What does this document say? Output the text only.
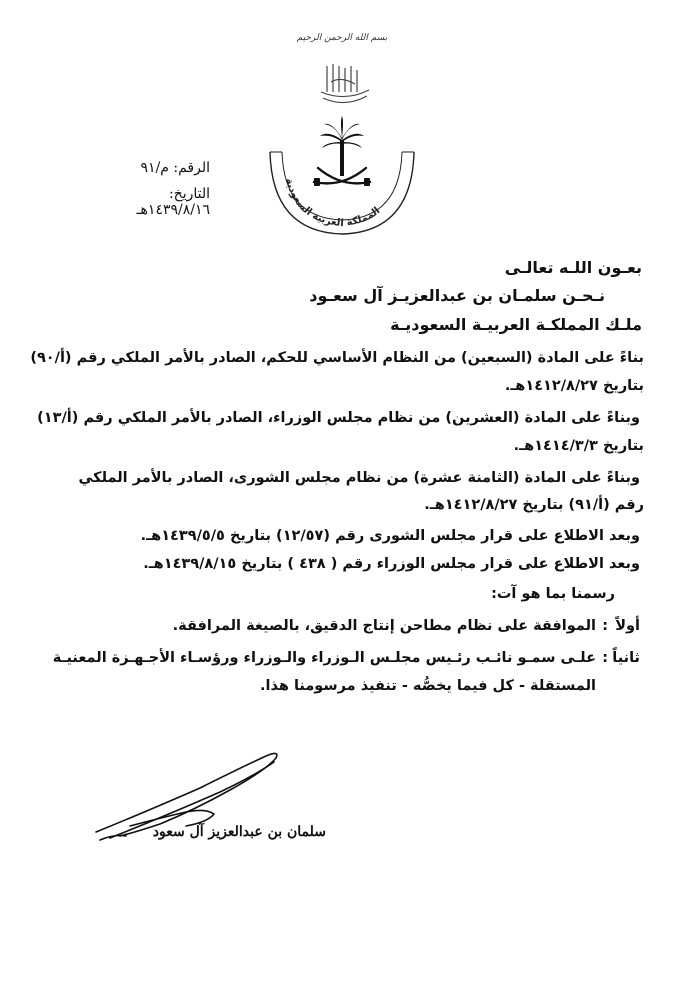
بسم الله الرحمن الرحيم
المملكة العربية السعودية
الرقم: م/٩١
التاريخ: ١٤٣٩/٨/١٦هـ
بعـون اللـه تعالـى
نـحـن سلمـان بن عبدالعزيـز آل سعـود
ملـك المملكـة العربيـة السعوديـة
بناءً على المادة (السبعين) من النظام الأساسي للحكم، الصادر بالأمر الملكي رقم (أ/٩٠)
بتاريخ ١٤١٢/٨/٢٧هـ.
وبناءً على المادة (العشرين) من نظام مجلس الوزراء، الصادر بالأمر الملكي رقم (أ/١٣)
بتاريخ ١٤١٤/٣/٣هـ.
وبناءً على المادة (الثامنة عشرة) من نظام مجلس الشورى، الصادر بالأمر الملكي
رقم (أ/٩١) بتاريخ ١٤١٢/٨/٢٧هـ.
وبعد الاطلاع على قرار مجلس الشورى رقم (١٢/٥٧) بتاريخ ١٤٣٩/٥/٥هـ.
وبعد الاطلاع على قرار مجلس الوزراء رقم ( ٤٣٨ ) بتاريخ ١٤٣٩/٨/١٥هـ.
رسمنا بما هو آت:
أولاً
:
الموافقة على نظام مطاحن إنتاج الدقيق، بالصيغة المرافقة.
ثانياً
:
علـى سمـو نائـب رئـيس مجلـس الـوزراء والـوزراء ورؤسـاء الأجـهـزة المعنيـة
المستقلة - كل فيما يخصُّه - تنفيذ مرسومنا هذا.
سلمان بن عبدالعزيز آل سعود
